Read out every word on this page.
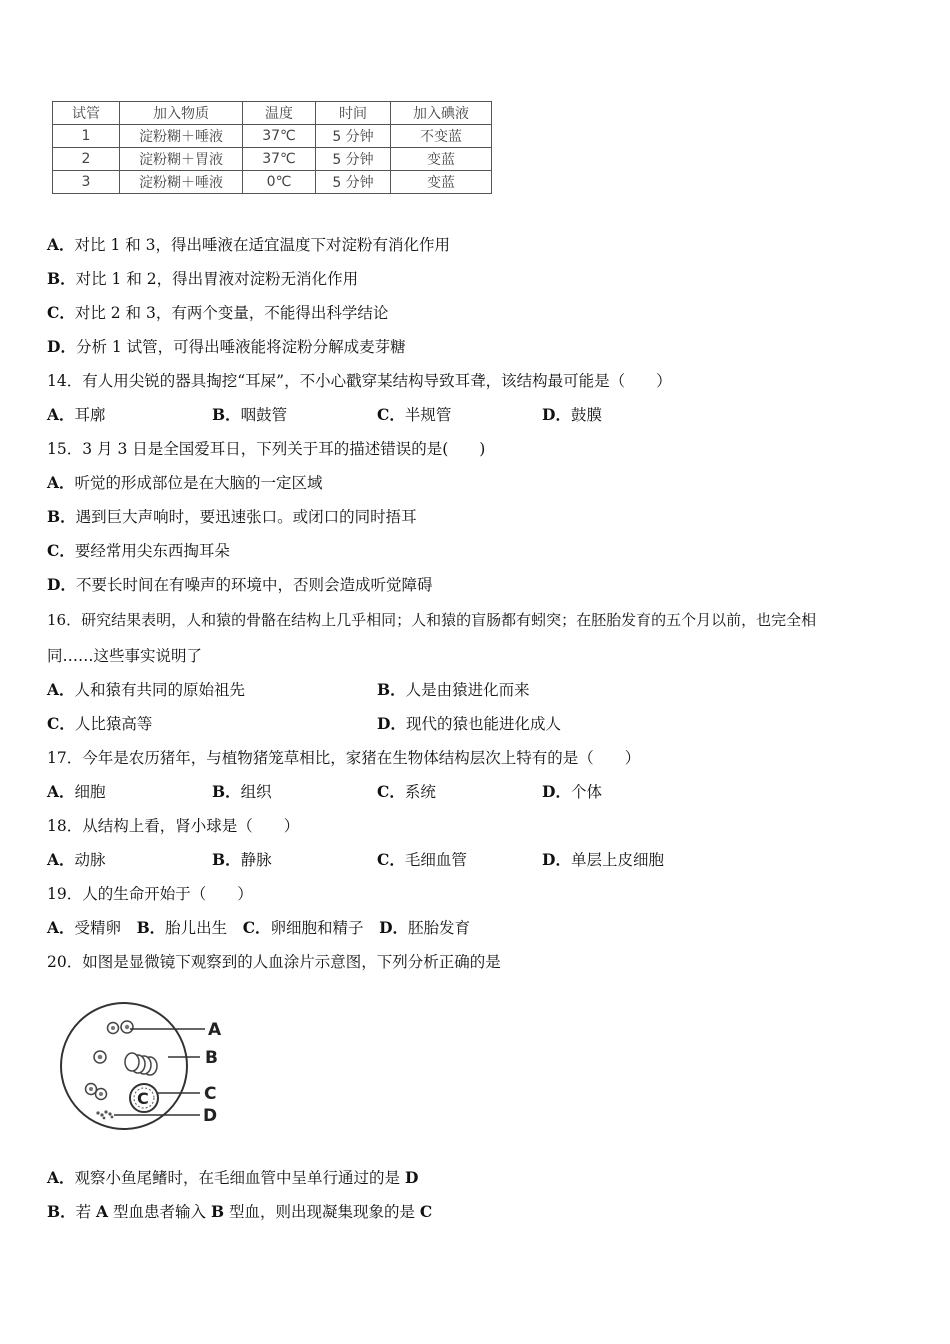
试管	加入物质	温度	时间	加入碘液
1	淀粉糊＋唾液	37℃	5 分钟	不变蓝
2	淀粉糊＋胃液	37℃	5 分钟	变蓝
3	淀粉糊＋唾液	0℃	5 分钟	变蓝
A．对比 1 和 3，得出唾液在适宜温度下对淀粉有消化作用
B．对比 1 和 2，得出胃液对淀粉无消化作用
C．对比 2 和 3，有两个变量，不能得出科学结论
D．分析 1 试管，可得出唾液能将淀粉分解成麦芽糖
14．有人用尖锐的器具掏挖“耳屎”，不小心戳穿某结构导致耳聋，该结构最可能是（　　）
A．耳廓	B．咽鼓管	C．半规管	D．鼓膜
15．3 月 3 日是全国爱耳日，下列关于耳的描述错误的是(　　)
A．听觉的形成部位是在大脑的一定区域
B．遇到巨大声响时，要迅速张口。或闭口的同时捂耳
C．要经常用尖东西掏耳朵
D．不要长时间在有噪声的环境中，否则会造成听觉障碍
16．研究结果表明，人和猿的骨骼在结构上几乎相同；人和猿的盲肠都有蚓突；在胚胎发育的五个月以前，也完全相
同……这些事实说明了
A．人和猿有共同的原始祖先	B．人是由猿进化而来
C．人比猿高等	D．现代的猿也能进化成人
17．今年是农历猪年，与植物猪笼草相比，家猪在生物体结构层次上特有的是（　　）
A．细胞	B．组织	C．系统	D．个体
18．从结构上看，肾小球是（　　）
A．动脉	B．静脉	C．毛细血管	D．单层上皮细胞
19．人的生命开始于（　　）
A．受精卵　 B．胎儿出生　 C．卵细胞和精子　 D．胚胎发育
20．如图是显微镜下观察到的人血涂片示意图，下列分析正确的是
C
A
B
C
D
A．观察小鱼尾鳍时，在毛细血管中呈单行通过的是 D
B．若 A 型血患者输入 B 型血，则出现凝集现象的是 C
